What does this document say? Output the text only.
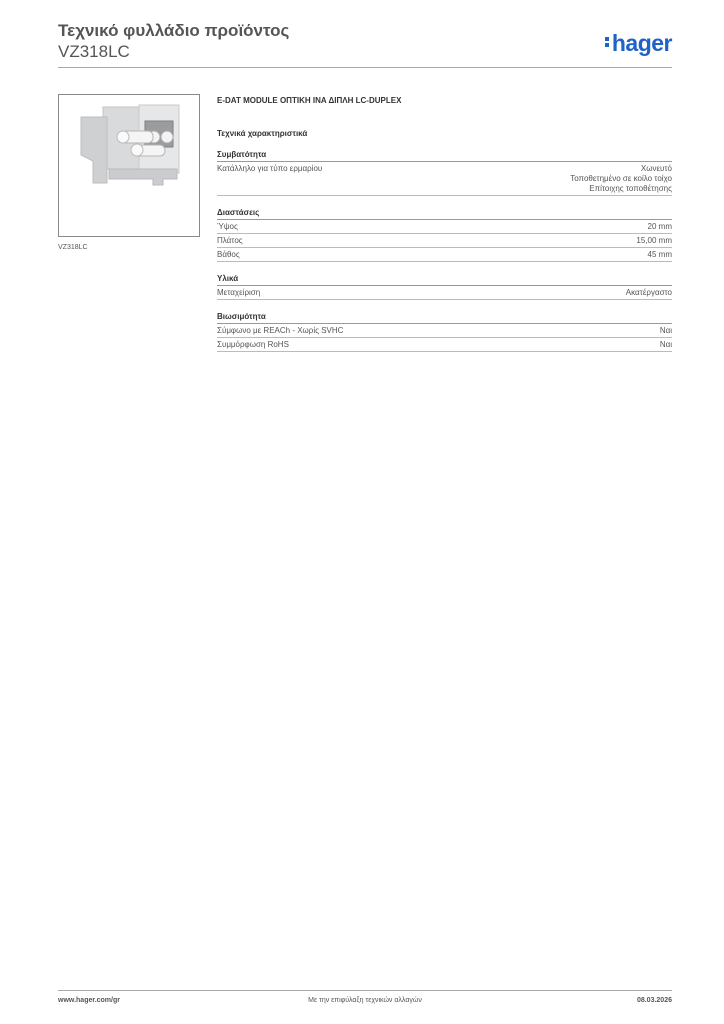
Τεχνικό φυλλάδιο προϊόντος
VZ318LC	hager
VZ318LC
E-DAT MODULE ΟΠΤΙΚΗ ΙΝΑ ΔΙΠΛΗ LC-DUPLEX
Τεχνικά χαρακτηριστικά
Συμβατότητα
Κατάλληλο για τύπο ερμαρίου	Χωνευτό
Τοποθετημένο σε κοίλο τοίχο
Επίτοιχης τοποθέτησης
Διαστάσεις
Ύψος	20 mm
Πλάτος	15,00 mm
Βάθος	45 mm
Υλικά
Μεταχείριση	Ακατέργαστο
Βιωσιμότητα
Σύμφωνο με REACh - Χωρίς SVHC	Ναι
Συμμόρφωση RoHS	Ναι
www.hager.com/gr	Με την επιφύλαξη τεχνικών αλλαγών	08.03.2026
